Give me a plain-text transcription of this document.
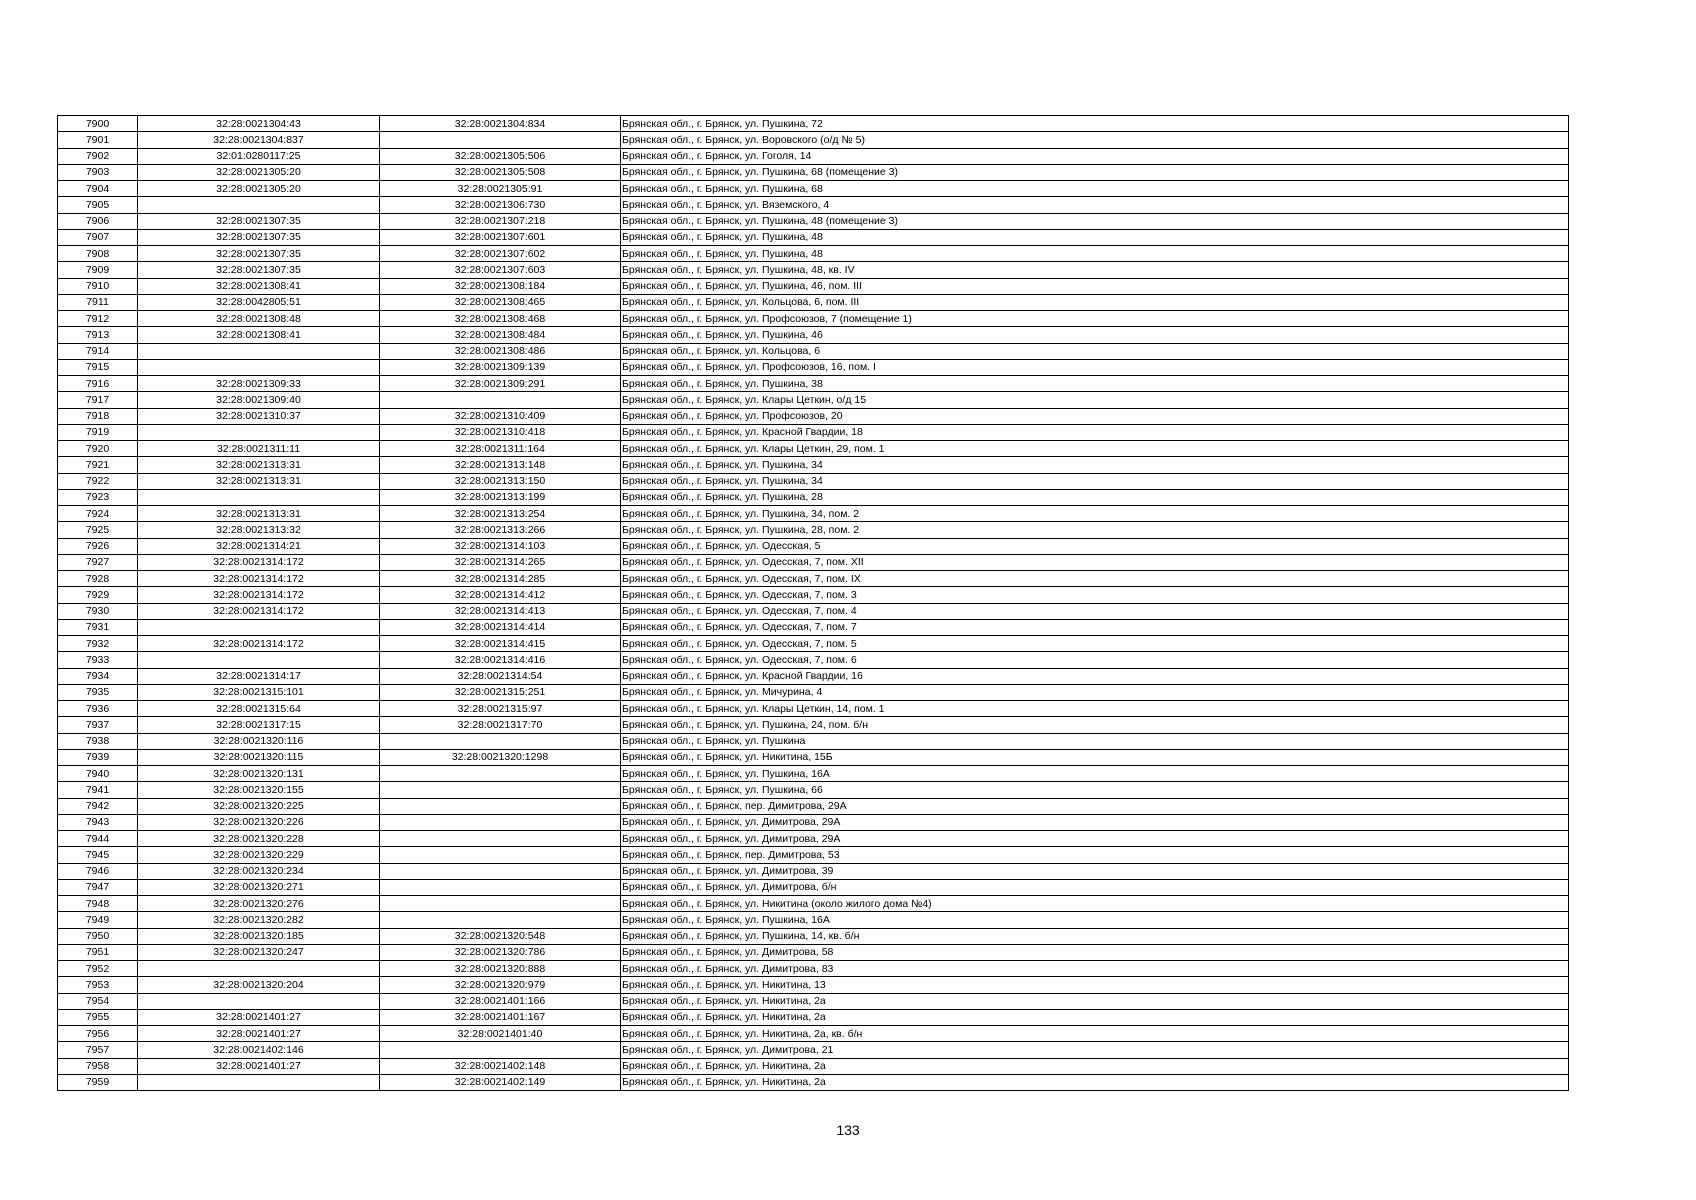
7900	32:28:0021304:43	32:28:0021304:834	Брянская обл., г. Брянск, ул. Пушкина, 72
7901	32:28:0021304:837		Брянская обл., г. Брянск, ул. Воровского (о/д № 5)
7902	32:01:0280117:25	32:28:0021305:506	Брянская обл., г. Брянск, ул. Гоголя, 14
7903	32:28:0021305:20	32:28:0021305:508	Брянская обл., г. Брянск, ул. Пушкина, 68 (помещение 3)
7904	32:28:0021305:20	32:28:0021305:91	Брянская обл., г. Брянск, ул. Пушкина, 68
7905		32:28:0021306:730	Брянская обл., г. Брянск, ул. Вяземского, 4
7906	32:28:0021307:35	32:28:0021307:218	Брянская обл., г. Брянск, ул. Пушкина, 48 (помещение 3)
7907	32:28:0021307:35	32:28:0021307:601	Брянская обл., г. Брянск, ул. Пушкина, 48
7908	32:28:0021307:35	32:28:0021307:602	Брянская обл., г. Брянск, ул. Пушкина, 48
7909	32:28:0021307:35	32:28:0021307:603	Брянская обл., г. Брянск, ул. Пушкина, 48, кв. IV
7910	32:28:0021308:41	32:28:0021308:184	Брянская обл., г. Брянск, ул. Пушкина, 46, пом. III
7911	32:28:0042805:51	32:28:0021308:465	Брянская обл., г. Брянск, ул. Кольцова, 6, пом. III
7912	32:28:0021308:48	32:28:0021308:468	Брянская обл., г. Брянск, ул. Профсоюзов, 7 (помещение 1)
7913	32:28:0021308:41	32:28:0021308:484	Брянская обл., г. Брянск, ул. Пушкина, 46
7914		32:28:0021308:486	Брянская обл., г. Брянск, ул. Кольцова, 6
7915		32:28:0021309:139	Брянская обл., г. Брянск, ул. Профсоюзов, 16, пом. I
7916	32:28:0021309:33	32:28:0021309:291	Брянская обл., г. Брянск, ул. Пушкина, 38
7917	32:28:0021309:40		Брянская обл., г. Брянск, ул. Клары Цеткин, о/д 15
7918	32:28:0021310:37	32:28:0021310:409	Брянская обл., г. Брянск, ул. Профсоюзов, 20
7919		32:28:0021310:418	Брянская обл., г. Брянск, ул. Красной Гвардии, 18
7920	32:28:0021311:11	32:28:0021311:164	Брянская обл., г. Брянск, ул. Клары Цеткин, 29, пом. 1
7921	32:28:0021313:31	32:28:0021313:148	Брянская обл., г. Брянск, ул. Пушкина, 34
7922	32:28:0021313:31	32:28:0021313:150	Брянская обл., г. Брянск, ул. Пушкина, 34
7923		32:28:0021313:199	Брянская обл., г. Брянск, ул. Пушкина, 28
7924	32:28:0021313:31	32:28:0021313:254	Брянская обл., г. Брянск, ул. Пушкина, 34, пом. 2
7925	32:28:0021313:32	32:28:0021313:266	Брянская обл., г. Брянск, ул. Пушкина, 28, пом. 2
7926	32:28:0021314:21	32:28:0021314:103	Брянская обл., г. Брянск, ул. Одесская, 5
7927	32:28:0021314:172	32:28:0021314:265	Брянская обл., г. Брянск, ул. Одесская, 7, пом. XII
7928	32:28:0021314:172	32:28:0021314:285	Брянская обл., г. Брянск, ул. Одесская, 7, пом. IX
7929	32:28:0021314:172	32:28:0021314:412	Брянская обл., г. Брянск, ул. Одесская, 7, пом. 3
7930	32:28:0021314:172	32:28:0021314:413	Брянская обл., г. Брянск, ул. Одесская, 7, пом. 4
7931		32:28:0021314:414	Брянская обл., г. Брянск, ул. Одесская, 7, пом. 7
7932	32:28:0021314:172	32:28:0021314:415	Брянская обл., г. Брянск, ул. Одесская, 7, пом. 5
7933		32:28:0021314:416	Брянская обл., г. Брянск, ул. Одесская, 7, пом. 6
7934	32:28:0021314:17	32:28:0021314:54	Брянская обл., г. Брянск, ул. Красной Гвардии, 16
7935	32:28:0021315:101	32:28:0021315:251	Брянская обл., г. Брянск, ул. Мичурина, 4
7936	32:28:0021315:64	32:28:0021315:97	Брянская обл., г. Брянск, ул. Клары Цеткин, 14, пом. 1
7937	32:28:0021317:15	32:28:0021317:70	Брянская обл., г. Брянск, ул. Пушкина, 24, пом. б/н
7938	32:28:0021320:116		Брянская обл., г. Брянск, ул. Пушкина
7939	32:28:0021320:115	32:28:0021320:1298	Брянская обл., г. Брянск, ул. Никитина, 15Б
7940	32:28:0021320:131		Брянская обл., г. Брянск, ул. Пушкина, 16А
7941	32:28:0021320:155		Брянская обл., г. Брянск, ул. Пушкина, 66
7942	32:28:0021320:225		Брянская обл., г. Брянск, пер. Димитрова, 29А
7943	32:28:0021320:226		Брянская обл., г. Брянск, ул. Димитрова, 29А
7944	32:28:0021320:228		Брянская обл., г. Брянск, ул. Димитрова, 29А
7945	32:28:0021320:229		Брянская обл., г. Брянск, пер. Димитрова, 53
7946	32:28:0021320:234		Брянская обл., г. Брянск, ул. Димитрова, 39
7947	32:28:0021320:271		Брянская обл., г. Брянск, ул. Димитрова, б/н
7948	32:28:0021320:276		Брянская обл., г. Брянск, ул. Никитина (около жилого дома №4)
7949	32:28:0021320:282		Брянская обл., г. Брянск, ул. Пушкина, 16А
7950	32:28:0021320:185	32:28:0021320:548	Брянская обл., г. Брянск, ул. Пушкина, 14, кв. б/н
7951	32:28:0021320:247	32:28:0021320:786	Брянская обл., г. Брянск, ул. Димитрова, 58
7952		32:28:0021320:888	Брянская обл., г. Брянск, ул. Димитрова, 83
7953	32:28:0021320:204	32:28:0021320:979	Брянская обл., г. Брянск, ул. Никитина, 13
7954		32:28:0021401:166	Брянская обл., г. Брянск, ул. Никитина, 2а
7955	32:28:0021401:27	32:28:0021401:167	Брянская обл., г. Брянск, ул. Никитина, 2а
7956	32:28:0021401:27	32:28:0021401:40	Брянская обл., г. Брянск, ул. Никитина, 2а, кв. б/н
7957	32:28:0021402:146		Брянская обл., г. Брянск, ул. Димитрова, 21
7958	32:28:0021401:27	32:28:0021402:148	Брянская обл., г. Брянск, ул. Никитина, 2а
7959		32:28:0021402:149	Брянская обл., г. Брянск, ул. Никитина, 2а
133
